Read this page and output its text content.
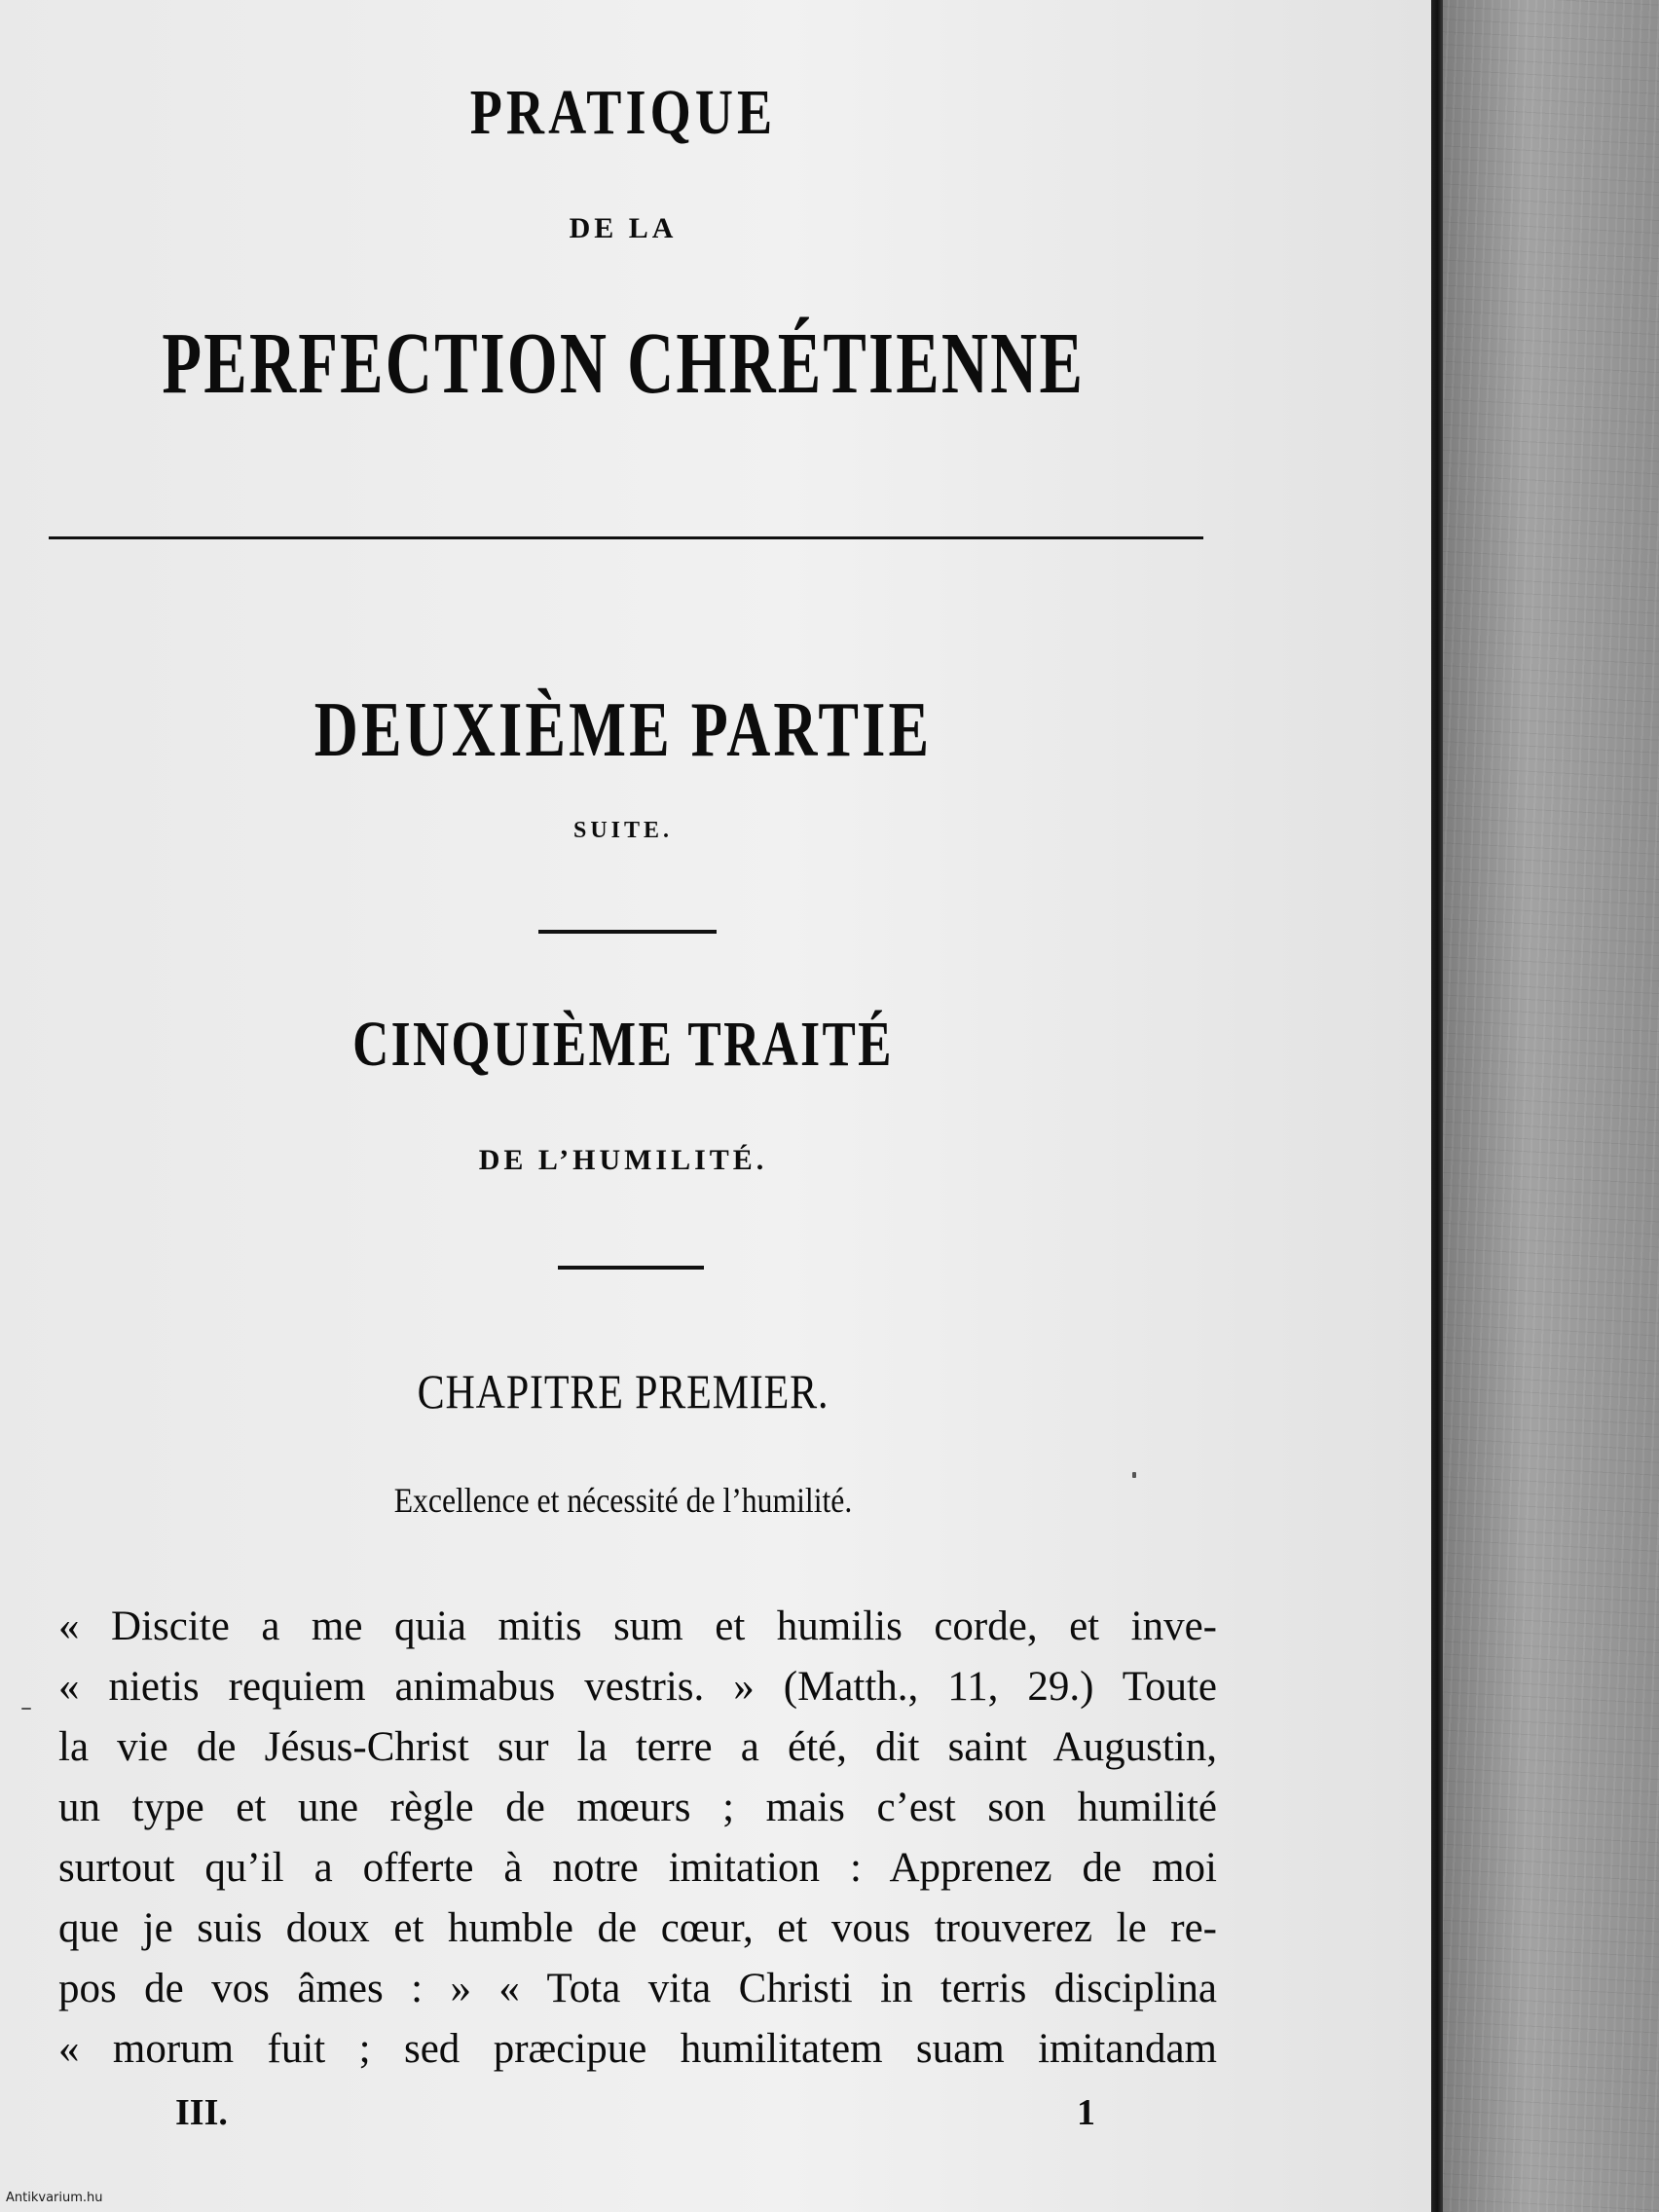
PRATIQUE
DE LA
PERFECTION CHRÉTIENNE
DEUXIÈME PARTIE
SUITE.
CINQUIÈME TRAITÉ
DE L’HUMILITÉ.
CHAPITRE PREMIER.
Excellence et nécessité de l’humilité.
« Discite a me quia mitis sum et humilis corde, et inve-
« nietis requiem animabus vestris. » (Matth., 11, 29.) Toute
la vie de Jésus-Christ sur la terre a été, dit saint Augustin,
un type et une règle de mœurs ; mais c’est son humilité
surtout qu’il a offerte à notre imitation : Apprenez de moi
que je suis doux et humble de cœur, et vous trouverez le re-
pos de vos âmes : » « Tota vita Christi in terris disciplina
« morum fuit ; sed præcipue humilitatem suam imitandam
III.	1
Antikvarium.hu
